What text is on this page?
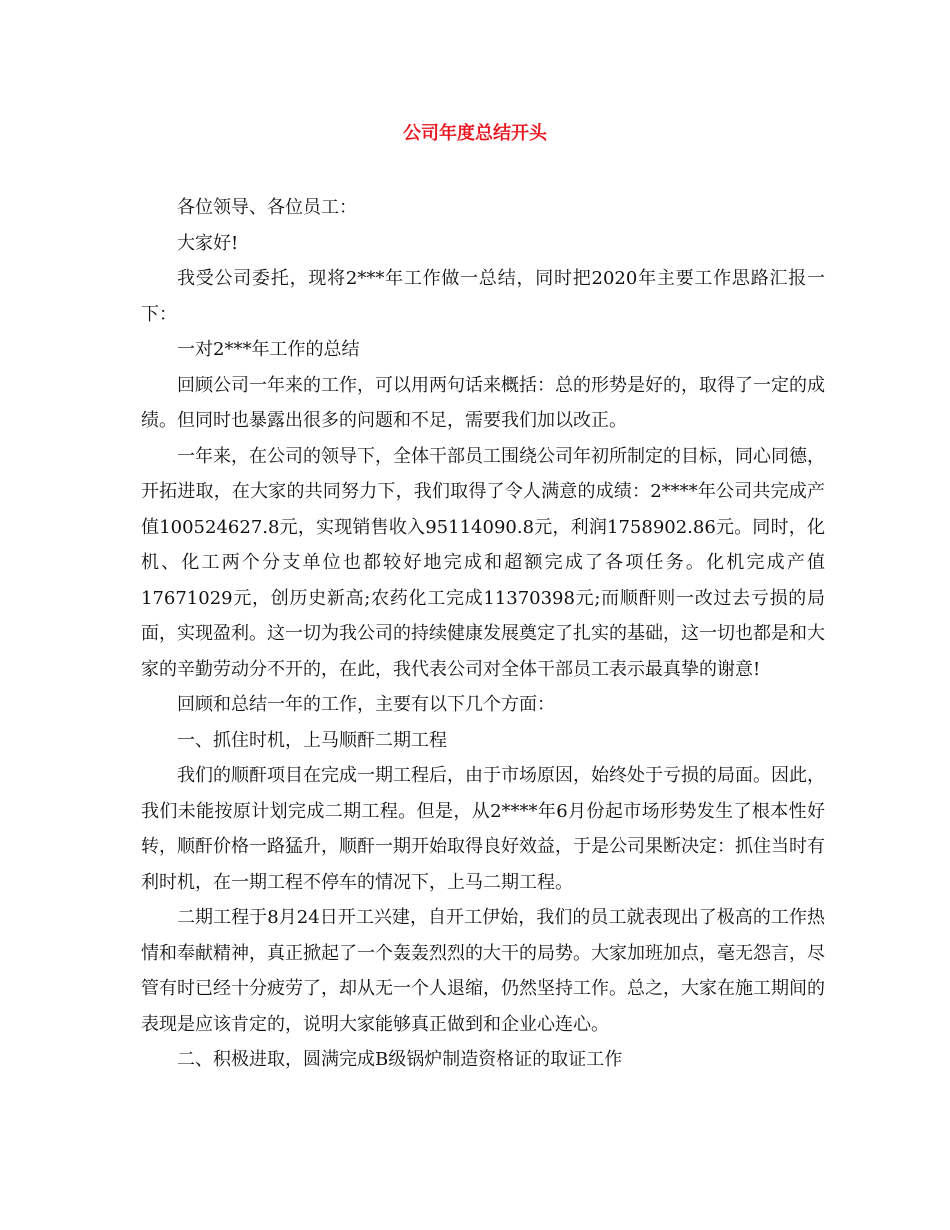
公司年度总结开头

各位领导、各位员工：

大家好!

我受公司委托，现将2***年工作做一总结，同时把2020年主要工作思路汇报一下：

一对2***年工作的总结

回顾公司一年来的工作，可以用两句话来概括：总的形势是好的，取得了一定的成绩。但同时也暴露出很多的问题和不足，需要我们加以改正。

一年来，在公司的领导下，全体干部员工围绕公司年初所制定的目标，同心同德，开拓进取，在大家的共同努力下，我们取得了令人满意的成绩：2****年公司共完成产值100524627.8元，实现销售收入95114090.8元，利润1758902.86元。同时，化机、化工两个分支单位也都较好地完成和超额完成了各项任务。化机完成产值17671029元，创历史新高;农药化工完成11370398元;而顺酐则一改过去亏损的局面，实现盈利。这一切为我公司的持续健康发展奠定了扎实的基础，这一切也都是和大家的辛勤劳动分不开的，在此，我代表公司对全体干部员工表示最真挚的谢意!

回顾和总结一年的工作，主要有以下几个方面：

一、抓住时机，上马顺酐二期工程

我们的顺酐项目在完成一期工程后，由于市场原因，始终处于亏损的局面。因此，我们未能按原计划完成二期工程。但是，从2****年6月份起市场形势发生了根本性好转，顺酐价格一路猛升，顺酐一期开始取得良好效益，于是公司果断决定：抓住当时有利时机，在一期工程不停车的情况下，上马二期工程。

二期工程于8月24日开工兴建，自开工伊始，我们的员工就表现出了极高的工作热情和奉献精神，真正掀起了一个轰轰烈烈的大干的局势。大家加班加点，毫无怨言，尽管有时已经十分疲劳了，却从无一个人退缩，仍然坚持工作。总之，大家在施工期间的表现是应该肯定的，说明大家能够真正做到和企业心连心。

二、积极进取，圆满完成B级锅炉制造资格证的取证工作
